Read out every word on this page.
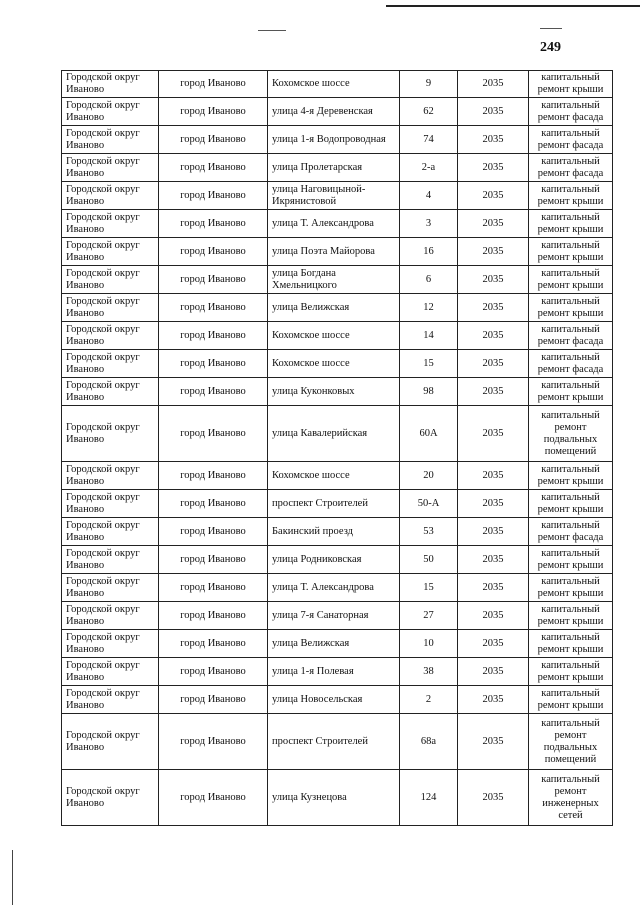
249
Городской округ Иваново	город Иваново	Кохомское шоссе	9	2035	капитальный ремонт крыши
Городской округ Иваново	город Иваново	улица 4-я Деревенская	62	2035	капитальный ремонт фасада
Городской округ Иваново	город Иваново	улица 1-я Водопроводная	74	2035	капитальный ремонт фасада
Городской округ Иваново	город Иваново	улица Пролетарская	2-а	2035	капитальный ремонт фасада
Городской округ Иваново	город Иваново	улица Наговицыной-Икрянистовой	4	2035	капитальный ремонт крыши
Городской округ Иваново	город Иваново	улица Т. Александрова	3	2035	капитальный ремонт крыши
Городской округ Иваново	город Иваново	улица Поэта Майорова	16	2035	капитальный ремонт крыши
Городской округ Иваново	город Иваново	улица Богдана Хмельницкого	6	2035	капитальный ремонт крыши
Городской округ Иваново	город Иваново	улица Велижская	12	2035	капитальный ремонт крыши
Городской округ Иваново	город Иваново	Кохомское шоссе	14	2035	капитальный ремонт фасада
Городской округ Иваново	город Иваново	Кохомское шоссе	15	2035	капитальный ремонт фасада
Городской округ Иваново	город Иваново	улица Куконковых	98	2035	капитальный ремонт крыши
Городской округ Иваново	город Иваново	улица Кавалерийская	60А	2035	капитальный ремонт подвальных помещений
Городской округ Иваново	город Иваново	Кохомское шоссе	20	2035	капитальный ремонт крыши
Городской округ Иваново	город Иваново	проспект Строителей	50-А	2035	капитальный ремонт крыши
Городской округ Иваново	город Иваново	Бакинский проезд	53	2035	капитальный ремонт фасада
Городской округ Иваново	город Иваново	улица Родниковская	50	2035	капитальный ремонт крыши
Городской округ Иваново	город Иваново	улица Т. Александрова	15	2035	капитальный ремонт крыши
Городской округ Иваново	город Иваново	улица 7-я Санаторная	27	2035	капитальный ремонт крыши
Городской округ Иваново	город Иваново	улица Велижская	10	2035	капитальный ремонт крыши
Городской округ Иваново	город Иваново	улица 1-я Полевая	38	2035	капитальный ремонт крыши
Городской округ Иваново	город Иваново	улица Новосельская	2	2035	капитальный ремонт крыши
Городской округ Иваново	город Иваново	проспект Строителей	68а	2035	капитальный ремонт подвальных помещений
Городской округ Иваново	город Иваново	улица Кузнецова	124	2035	капитальный ремонт инженерных сетей
